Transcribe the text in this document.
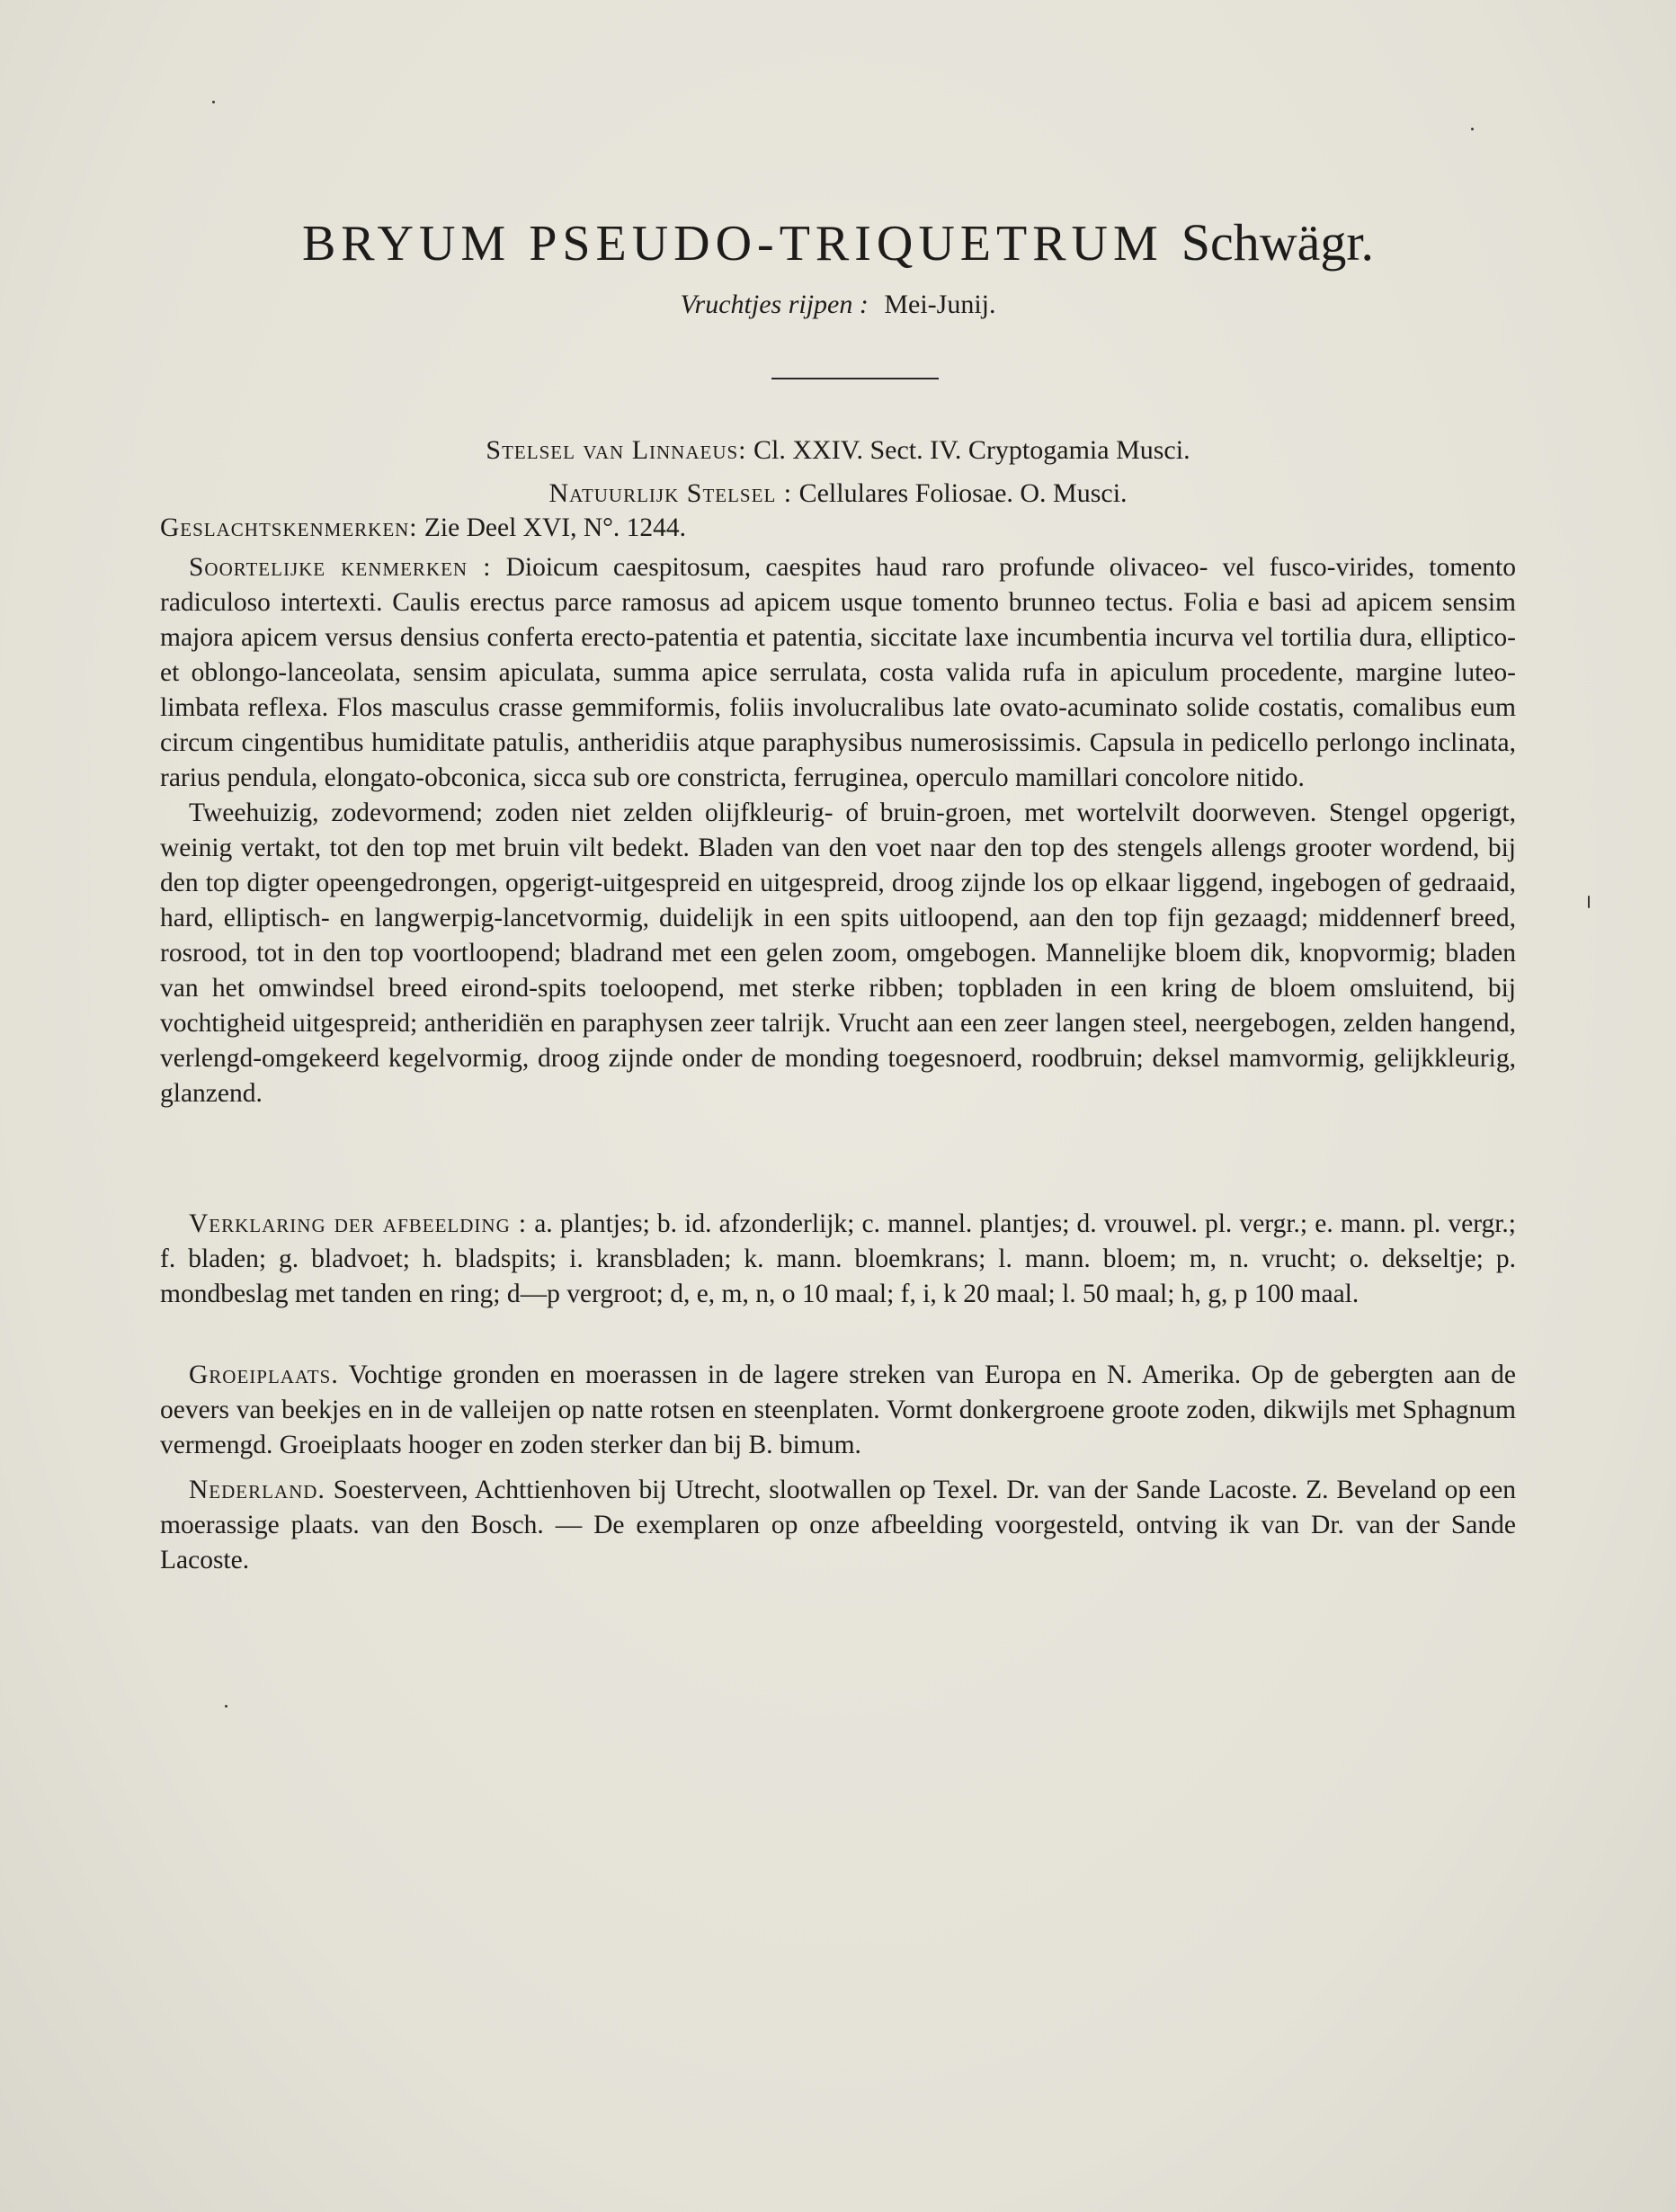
BRYUM PSEUDO-TRIQUETRUM Schwägr.
Vruchtjes rijpen : Mei-Junij.
Stelsel van Linnaeus: Cl. XXIV. Sect. IV. Cryptogamia Musci.
Natuurlijk Stelsel : Cellulares Foliosae. O. Musci.
Geslachtskenmerken: Zie Deel XVI, N°. 1244.

Soortelijke kenmerken : Dioicum caespitosum, caespites haud raro profunde olivaceo- vel fusco-virides, tomento radiculoso intertexti. Caulis erectus parce ramosus ad apicem usque tomento brunneo tectus. Folia e basi ad apicem sensim majora apicem versus densius conferta erecto-patentia et patentia, siccitate laxe incumbentia incurva vel tortilia dura, elliptico- et oblongo-lanceolata, sensim apiculata, summa apice serrulata, costa valida rufa in apiculum procedente, margine luteo-limbata reflexa. Flos masculus crasse gemmiformis, foliis involucralibus late ovato-acuminato solide costatis, comalibus eum circum cingentibus humiditate patulis, antheridiis atque paraphysibus numerosissimis. Capsula in pedicello perlongo inclinata, rarius pendula, elongato-obconica, sicca sub ore constricta, ferruginea, operculo mamillari concolore nitido.

Tweehuizig, zodevormend; zoden niet zelden olijfkleurig- of bruin-groen, met wortelvilt doorweven. Stengel opgerigt, weinig vertakt, tot den top met bruin vilt bedekt. Bladen van den voet naar den top des stengels allengs grooter wordend, bij den top digter opeengedrongen, opgerigt-uitgespreid en uitgespreid, droog zijnde los op elkaar liggend, ingebogen of gedraaid, hard, elliptisch- en langwerpig-lancetvormig, duidelijk in een spits uitloopend, aan den top fijn gezaagd; middennerf breed, rosrood, tot in den top voortloopend; bladrand met een gelen zoom, omgebogen. Mannelijke bloem dik, knopvormig; bladen van het omwindsel breed eirond-spits toeloopend, met sterke ribben; topbladen in een kring de bloem omsluitend, bij vochtigheid uitgespreid; antheridiën en paraphysen zeer talrijk. Vrucht aan een zeer langen steel, neergebogen, zelden hangend, verlengd-omgekeerd kegelvormig, droog zijnde onder de monding toegesnoerd, roodbruin; deksel mamvormig, gelijkkleurig, glanzend.

Verklaring der afbeelding : a. plantjes; b. id. afzonderlijk; c. mannel. plantjes; d. vrouwel. pl. vergr.; e. mann. pl. vergr.; f. bladen; g. bladvoet; h. bladspits; i. kransbladen; k. mann. bloemkrans; l. mann. bloem; m, n. vrucht; o. dekseltje; p. mondbeslag met tanden en ring; d—p vergroot; d, e, m, n, o 10 maal; f, i, k 20 maal; l. 50 maal; h, g, p 100 maal.

Groeiplaats. Vochtige gronden en moerassen in de lagere streken van Europa en N. Amerika. Op de gebergten aan de oevers van beekjes en in de valleijen op natte rotsen en steenplaten. Vormt donkergroene groote zoden, dikwijls met Sphagnum vermengd. Groeiplaats hooger en zoden sterker dan bij B. bimum.

Nederland. Soesterveen, Achttienhoven bij Utrecht, slootwallen op Texel. Dr. van der Sande Lacoste. Z. Beveland op een moerassige plaats. van den Bosch. — De exemplaren op onze afbeelding voorgesteld, ontving ik van Dr. van der Sande Lacoste.
